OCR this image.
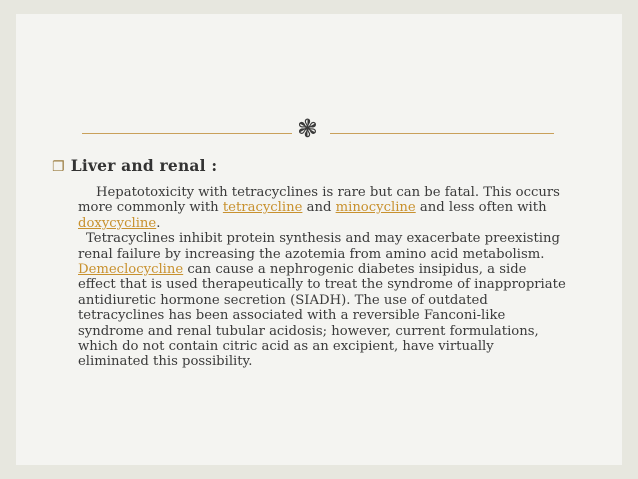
❃
❐ Liver and renal :

Hepatotoxicity with tetracyclines is rare but can be fatal. This occurs more commonly with tetracycline and minocycline and less often with doxycycline.

Tetracyclines inhibit protein synthesis and may exacerbate preexisting renal failure by increasing the azotemia from amino acid metabolism. Demeclocycline can cause a nephrogenic diabetes insipidus, a side effect that is used therapeutically to treat the syndrome of inappropriate antidiuretic hormone secretion (SIADH). The use of outdated tetracyclines has been associated with a reversible Fanconi-like syndrome and renal tubular acidosis; however, current formulations, which do not contain citric acid as an excipient, have virtually eliminated this possibility.
